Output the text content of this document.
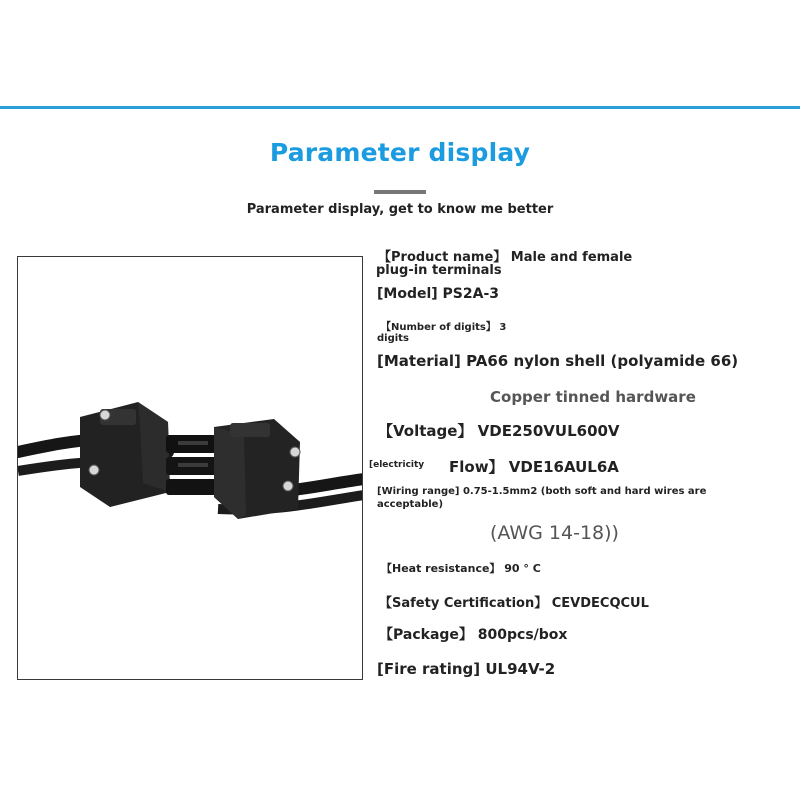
Parameter display
Parameter display, get to know me better
【Product name】 Male and female
plug-in terminals
[Model] PS2A-3
【Number of digits】 3
digits
[Material] PA66 nylon shell (polyamide 66)
Copper tinned hardware
【Voltage】 VDE250VUL600V
[electricity Flow】 VDE16AUL6A
[Wiring range] 0.75-1.5mm2 (both soft and hard wires are
acceptable)
(AWG 14-18))
【Heat resistance】 90 ° C
【Safety Certification】 CEVDECQCUL
【Package】 800pcs/box
[Fire rating] UL94V-2
